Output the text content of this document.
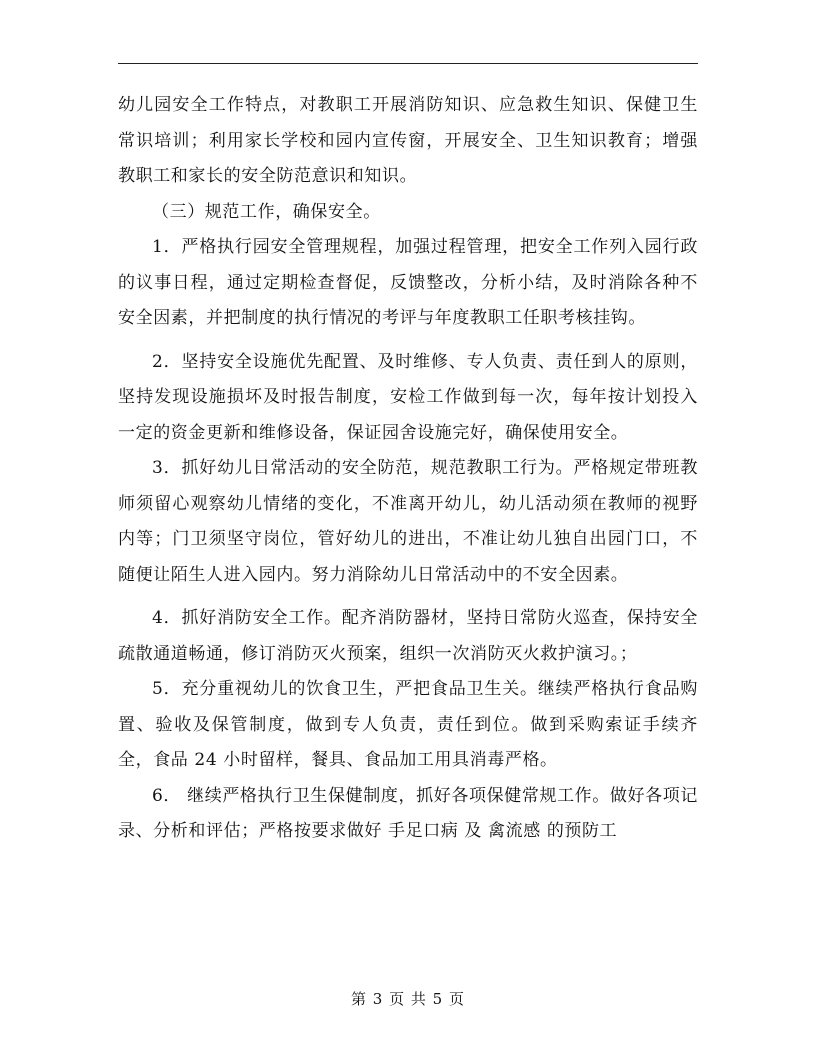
幼儿园安全工作特点，对教职工开展消防知识、应急救生知识、保健卫生常识培训；利用家长学校和园内宣传窗，开展安全、卫生知识教育；增强教职工和家长的安全防范意识和知识。

（三）规范工作，确保安全。

1．严格执行园安全管理规程，加强过程管理，把安全工作列入园行政的议事日程，通过定期检查督促，反馈整改，分析小结，及时消除各种不安全因素，并把制度的执行情况的考评与年度教职工任职考核挂钩。

2．坚持安全设施优先配置、及时维修、专人负责、责任到人的原则，坚持发现设施损坏及时报告制度，安检工作做到每一次，每年按计划投入一定的资金更新和维修设备，保证园舍设施完好，确保使用安全。

3．抓好幼儿日常活动的安全防范，规范教职工行为。严格规定带班教师须留心观察幼儿情绪的变化，不准离开幼儿，幼儿活动须在教师的视野内等；门卫须坚守岗位，管好幼儿的进出，不准让幼儿独自出园门口，不随便让陌生人进入园内。努力消除幼儿日常活动中的不安全因素。

4．抓好消防安全工作。配齐消防器材，坚持日常防火巡查，保持安全疏散通道畅通，修订消防灭火预案，组织一次消防灭火救护演习。；

5．充分重视幼儿的饮食卫生，严把食品卫生关。继续严格执行食品购置、验收及保管制度，做到专人负责，责任到位。做到采购索证手续齐全，食品 24 小时留样，餐具、食品加工用具消毒严格。

6． 继续严格执行卫生保健制度，抓好各项保健常规工作。做好各项记录、分析和评估；严格按要求做好 手足口病 及 禽流感 的预防工

第 3 页 共 5 页
